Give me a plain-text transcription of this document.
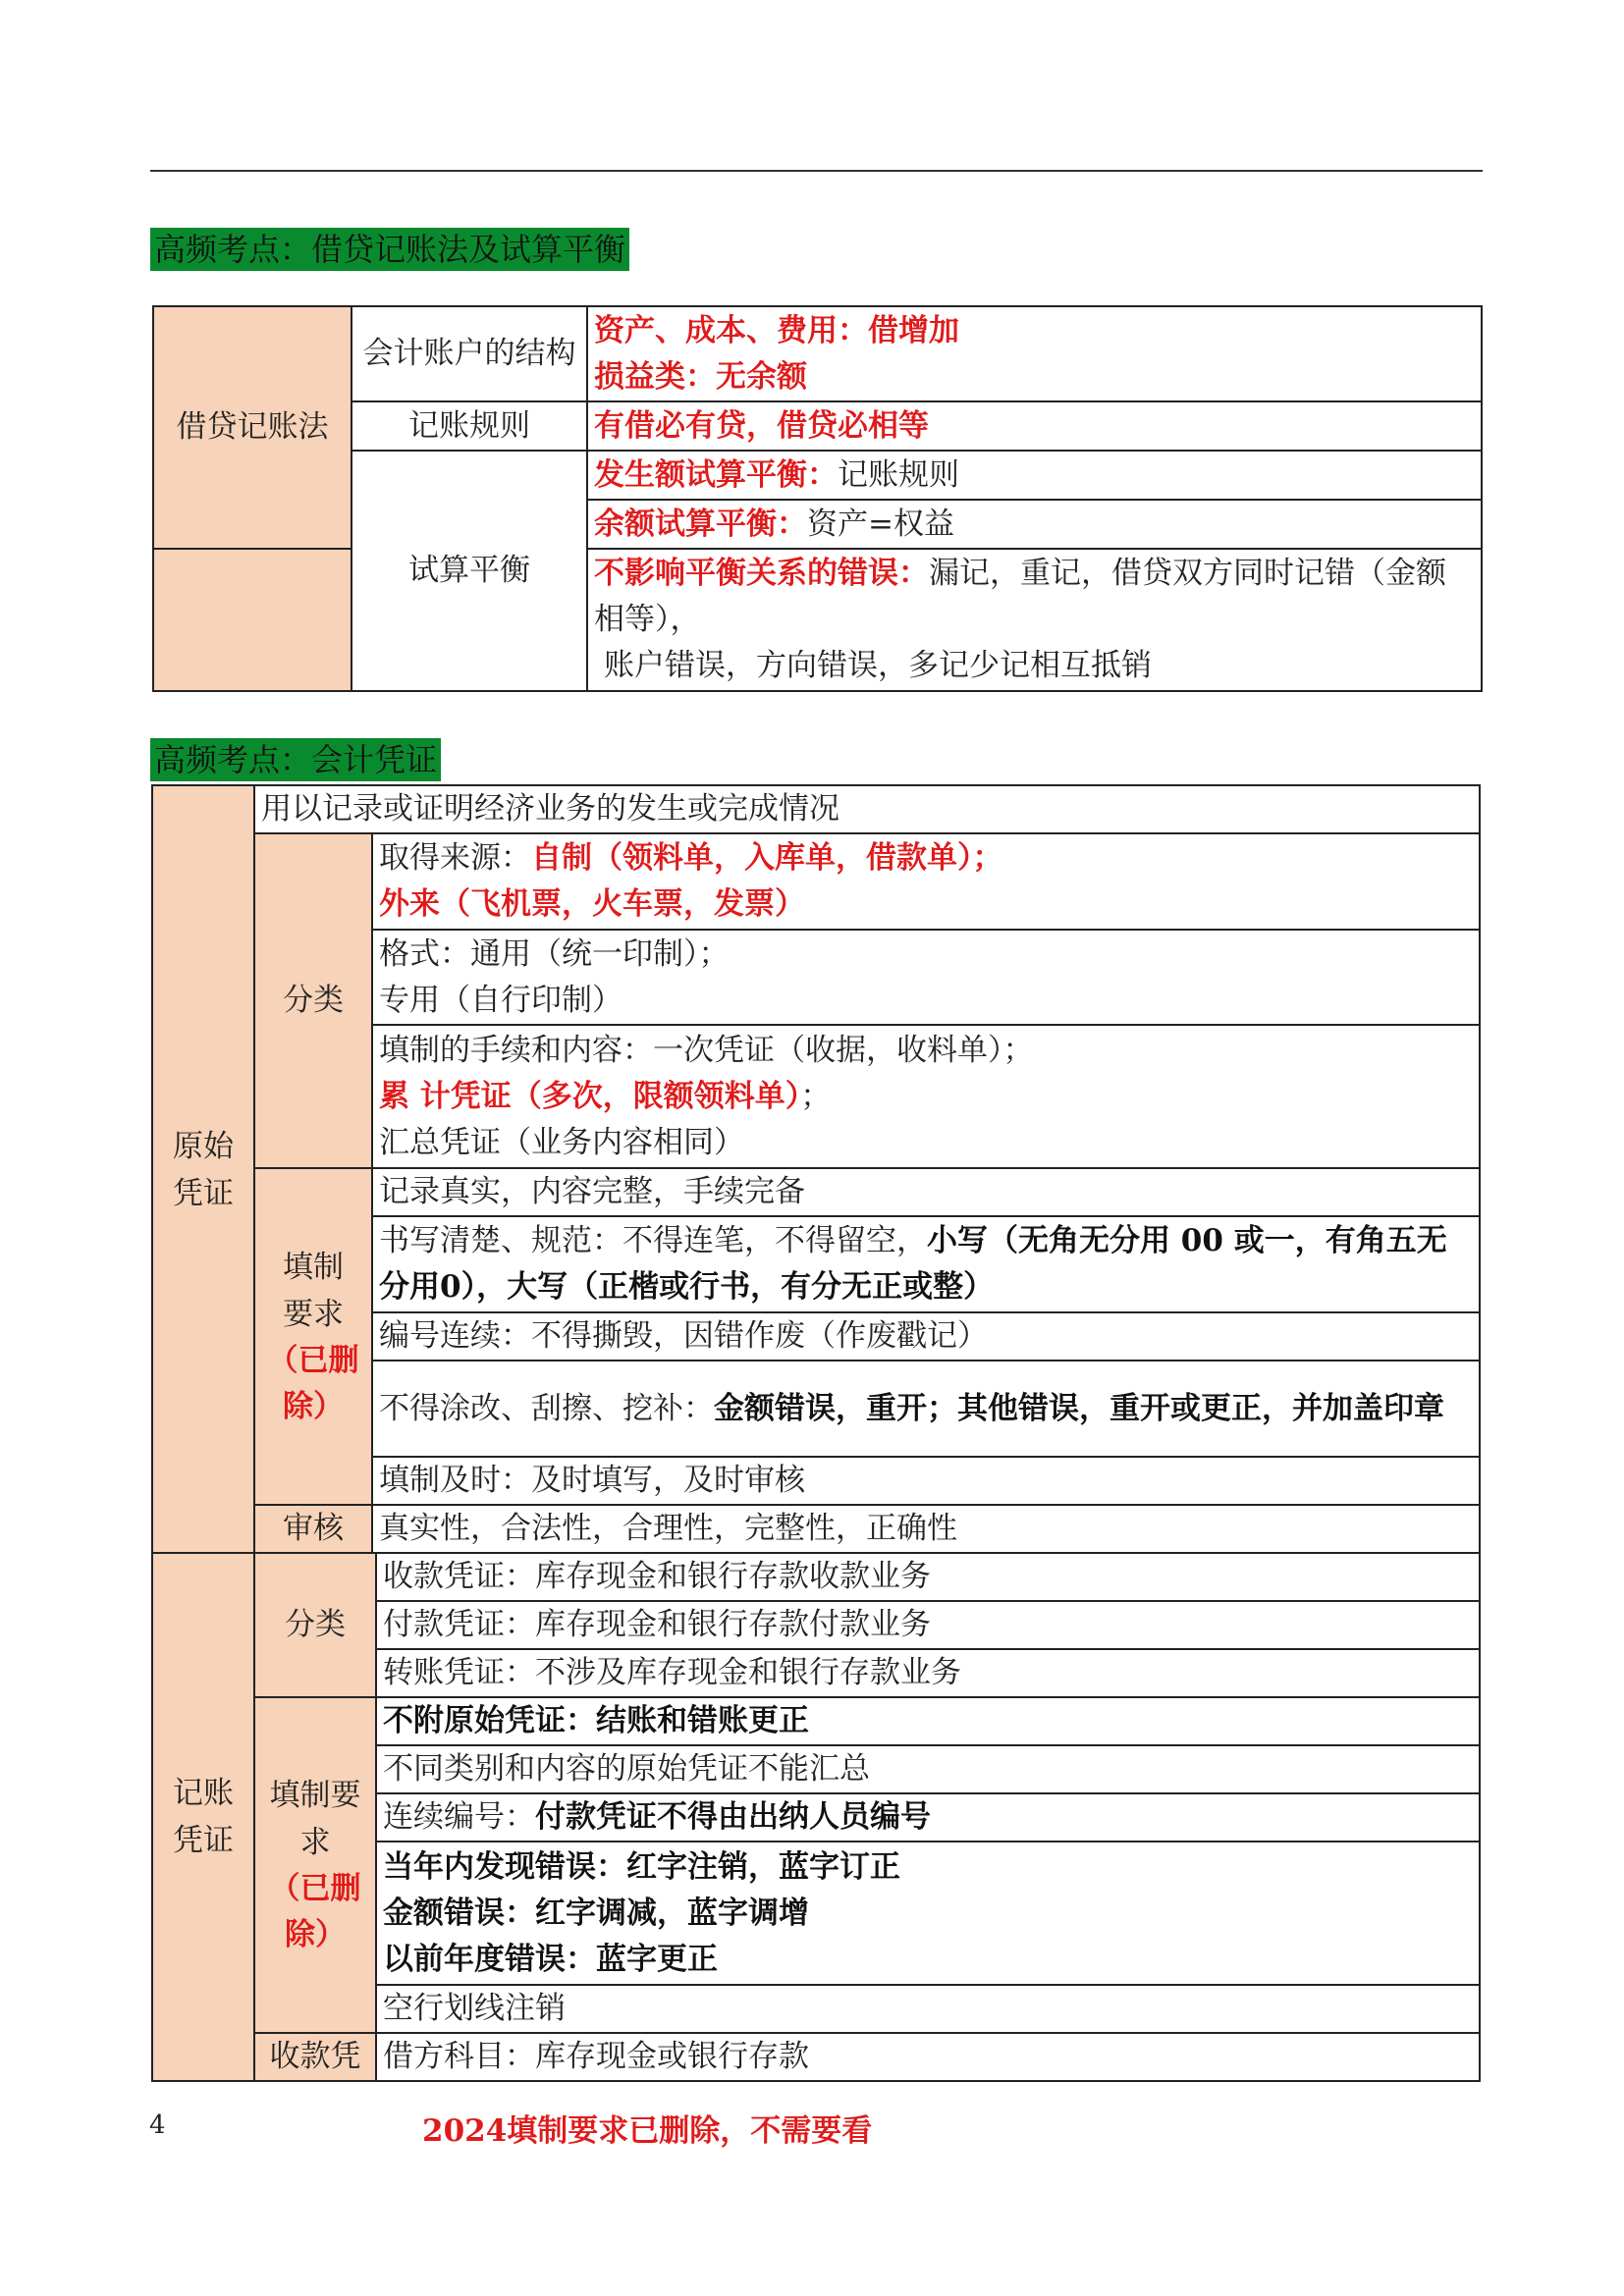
高频考点：借贷记账法及试算平衡
借贷记账法	会计账户的结构	资产、成本、费用：借增加
损益类：无余额

	记账规则	有借必有贷，借贷必相等
	试算平衡	发生额试算平衡：记账规则
		余额试算平衡：资产=权益
		不影响平衡关系的错误：漏记，重记，借贷双方同时记错（金额相等），
账户错误，方向错误，多记少记相互抵销
高频考点：会计凭证
原始凭证	用以记录或证明经济业务的发生或完成情况	
	分类	取得来源：自制（领料单，入库单，借款单）；
外来（飞机票，火车票，发票）

		格式：通用（统一印制）；
专用（自行印制）

		填制的手续和内容：一次凭证（收据，收料单）；
累 计凭证（多次，限额领料单）；
汇总凭证（业务内容相同）

	填制要求
（已删除）	记录真实，内容完整，手续完备
		书写清楚、规范：不得连笔，不得留空，小写（无角无分用 00 或一，有角五无分用0），大写（正楷或行书，有分无正或整）
		编号连续：不得撕毁，因错作废（作废戳记）
		不得涂改、刮擦、挖补：金额错误，重开；其他错误，重开或更正，并加盖印章
		填制及时：及时填写，及时审核
	审核	真实性，合法性，合理性，完整性，正确性

记账凭证	分类	收款凭证：库存现金和银行存款收款业务
		付款凭证：库存现金和银行存款付款业务
		转账凭证：不涉及库存现金和银行存款业务
	填制要求
（已删除）	不附原始凭证：结账和错账更正
		不同类别和内容的原始凭证不能汇总
		连续编号：付款凭证不得由出纳人员编号

		当年内发现错误：红字注销，蓝字订正
金额错误：红字调减，蓝字调增
以前年度错误：蓝字更正

		空行划线注销
	收款凭	借方科目：库存现金或银行存款
4	2024填制要求已删除，不需要看
